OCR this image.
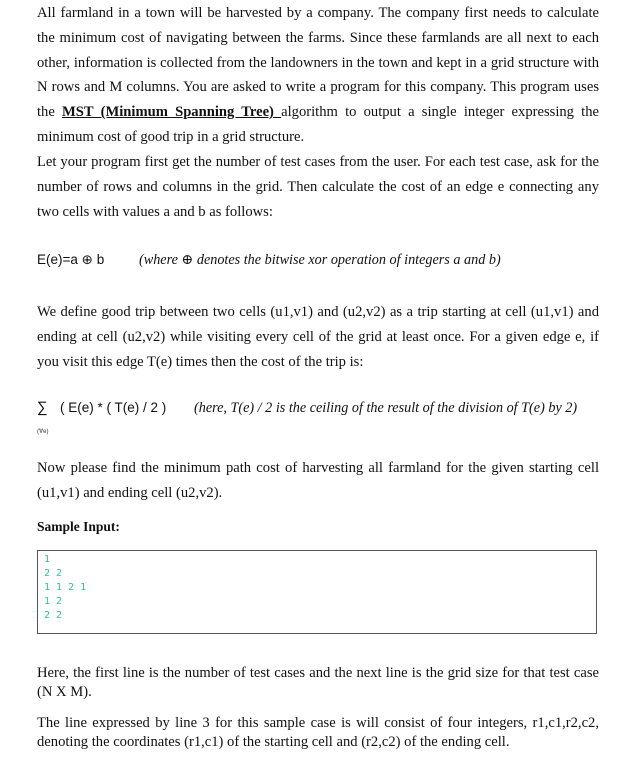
All farmland in a town will be harvested by a company. The company first needs to calculate the minimum cost of navigating between the farms. Since these farmlands are all next to each other, information is collected from the landowners in the town and kept in a grid structure with N rows and M columns. You are asked to write a program for this company. This program uses the MST (Minimum Spanning Tree) algorithm to output a single integer expressing the minimum cost of good trip in a grid structure.

Let your program first get the number of test cases from the user. For each test case, ask for the number of rows and columns in the grid. Then calculate the cost of an edge e connecting any two cells with values a and b as follows:

E(e)=a ⊕ b (where ⊕ denotes the bitwise xor operation of integers a and b)

We define good trip between two cells (u1,v1) and (u2,v2) as a trip starting at cell (u1,v1) and ending at cell (u2,v2) while visiting every cell of the grid at least once. For a given edge e, if you visit this edge T(e) times then the cost of the trip is:

∑ ( E(e) * ( T(e) / 2 ) (here, T(e) / 2 is the ceiling of the result of the division of T(e) by 2)
(∀e)

Now please find the minimum path cost of harvesting all farmland for the given starting cell (u1,v1) and ending cell (u2,v2).

Sample Input:
1
2 2
1 1 2 1
1 2
2 2

Here, the first line is the number of test cases and the next line is the grid size for that test case (N X M).

The line expressed by line 3 for this sample case is will consist of four integers, r1,c1,r2,c2, denoting the coordinates (r1,c1) of the starting cell and (r2,c2) of the ending cell.
